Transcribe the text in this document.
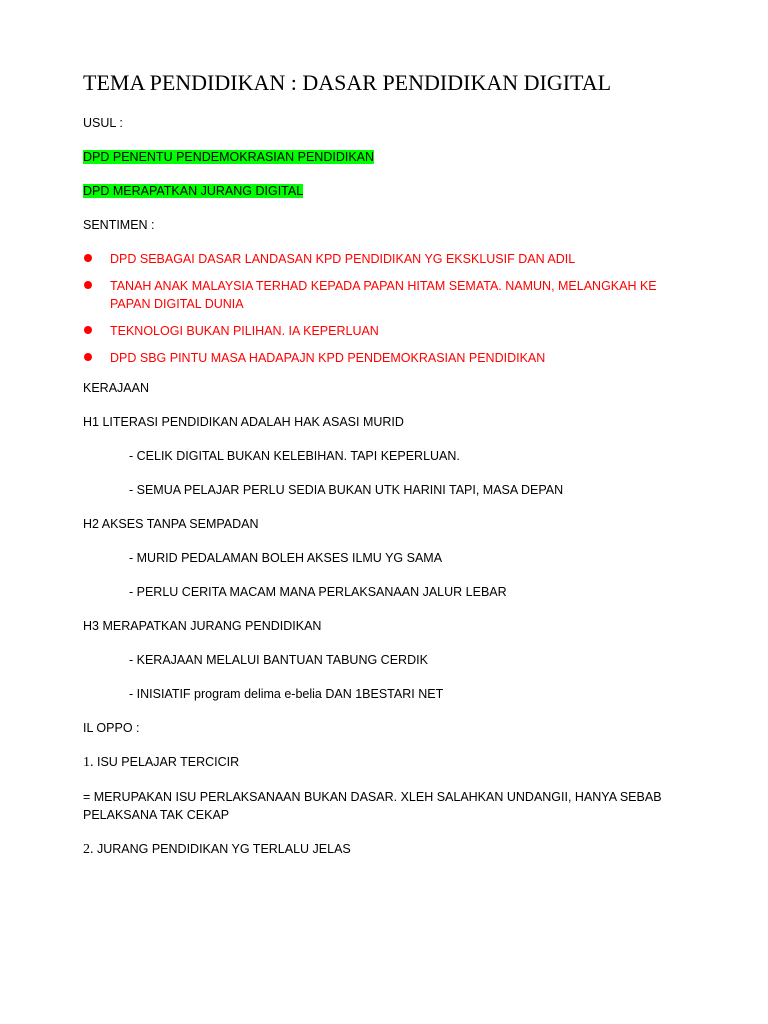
TEMA PENDIDIKAN : DASAR PENDIDIKAN DIGITAL

USUL :

DPD PENENTU PENDEMOKRASIAN PENDIDIKAN

DPD MERAPATKAN JURANG DIGITAL

SENTIMEN :

DPD SEBAGAI DASAR LANDASAN KPD PENDIDIKAN YG EKSKLUSIF DAN ADIL
TANAH ANAK MALAYSIA TERHAD KEPADA PAPAN HITAM SEMATA. NAMUN, MELANGKAH KE PAPAN DIGITAL DUNIA
TEKNOLOGI BUKAN PILIHAN. IA KEPERLUAN
DPD SBG PINTU MASA HADAPAJN KPD PENDEMOKRASIAN PENDIDIKAN

KERAJAAN

H1 LITERASI PENDIDIKAN ADALAH HAK ASASI MURID

- CELIK DIGITAL BUKAN KELEBIHAN. TAPI KEPERLUAN.

- SEMUA PELAJAR PERLU SEDIA BUKAN UTK HARINI TAPI, MASA DEPAN

H2 AKSES TANPA SEMPADAN

- MURID PEDALAMAN BOLEH AKSES ILMU YG SAMA

- PERLU CERITA MACAM MANA PERLAKSANAAN JALUR LEBAR

H3 MERAPATKAN JURANG PENDIDIKAN

- KERAJAAN MELALUI BANTUAN TABUNG CERDIK

- INISIATIF program delima e-belia DAN 1BESTARI NET

IL OPPO :

1. ISU PELAJAR TERCICIR

= MERUPAKAN ISU PERLAKSANAAN BUKAN DASAR. XLEH SALAHKAN UNDANGII, HANYA SEBAB PELAKSANA TAK CEKAP

2. JURANG PENDIDIKAN YG TERLALU JELAS
